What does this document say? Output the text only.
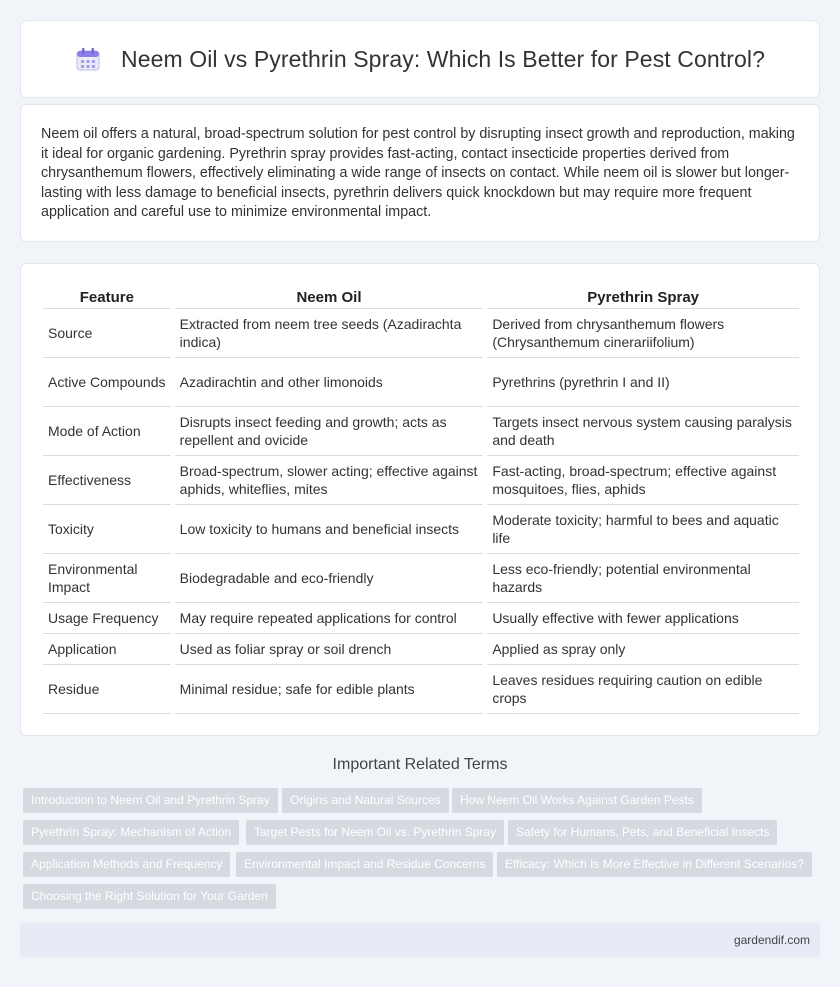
Neem Oil vs Pyrethrin Spray: Which Is Better for Pest Control?

Neem oil offers a natural, broad-spectrum solution for pest control by disrupting insect growth and reproduction, making it ideal for organic gardening. Pyrethrin spray provides fast-acting, contact insecticide properties derived from chrysanthemum flowers, effectively eliminating a wide range of insects on contact. While neem oil is slower but longer-lasting with less damage to beneficial insects, pyrethrin delivers quick knockdown but may require more frequent application and careful use to minimize environmental impact.

Feature	Neem Oil	Pyrethrin Spray
Source	Extracted from neem tree seeds (Azadirachta indica)	Derived from chrysanthemum flowers (Chrysanthemum cinerariifolium)
Active Compounds	Azadirachtin and other limonoids	Pyrethrins (pyrethrin I and II)
Mode of Action	Disrupts insect feeding and growth; acts as repellent and ovicide	Targets insect nervous system causing paralysis and death
Effectiveness	Broad-spectrum, slower acting; effective against aphids, whiteflies, mites	Fast-acting, broad-spectrum; effective against mosquitoes, flies, aphids
Toxicity	Low toxicity to humans and beneficial insects	Moderate toxicity; harmful to bees and aquatic life
Environmental Impact	Biodegradable and eco-friendly	Less eco-friendly; potential environmental hazards
Usage Frequency	May require repeated applications for control	Usually effective with fewer applications
Application	Used as foliar spray or soil drench	Applied as spray only
Residue	Minimal residue; safe for edible plants	Leaves residues requiring caution on edible crops
Important Related Terms
Introduction to Neem Oil and Pyrethrin Spray	Origins and Natural Sources	How Neem Oil Works Against Garden Pests
Pyrethrin Spray: Mechanism of Action	Target Pests for Neem Oil vs. Pyrethrin Spray	Safety for Humans, Pets, and Beneficial Insects
Application Methods and Frequency	Environmental Impact and Residue Concerns	Efficacy: Which Is More Effective in Different Scenarios?
Choosing the Right Solution for Your Garden
gardendif.com
